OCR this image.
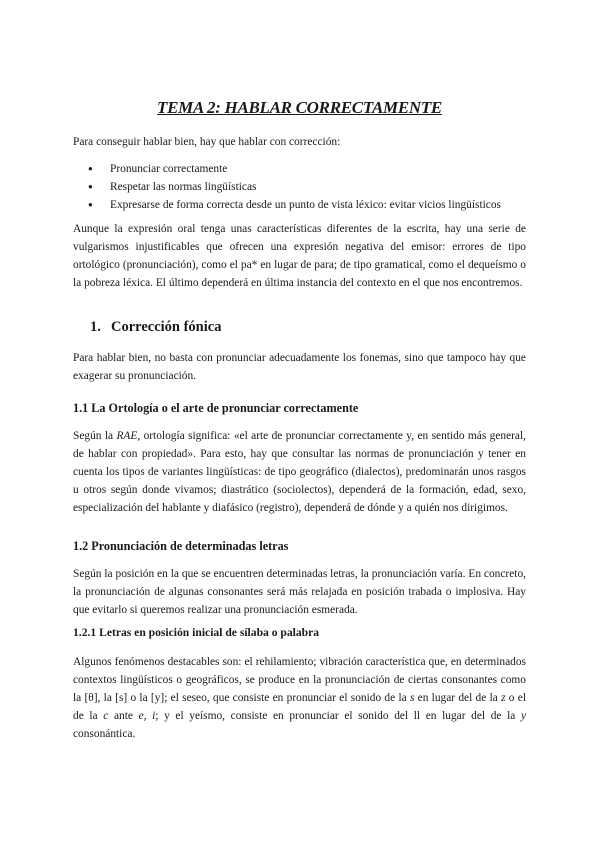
TEMA 2: HABLAR CORRECTAMENTE

Para conseguir hablar bien, hay que hablar con corrección:

● Pronunciar correctamente
● Respetar las normas lingüísticas
● Expresarse de forma correcta desde un punto de vista léxico: evitar vicios lingüísticos

Aunque la expresión oral tenga unas características diferentes de la escrita, hay una serie de vulgarismos injustificables que ofrecen una expresión negativa del emisor: errores de tipo ortológico (pronunciación), como el pa* en lugar de para; de tipo gramatical, como el dequeísmo o la pobreza léxica. El último dependerá en última instancia del contexto en el que nos encontremos.

1. Corrección fónica

Para hablar bien, no basta con pronunciar adecuadamente los fonemas, sino que tampoco hay que exagerar su pronunciación.

1.1 La Ortología o el arte de pronunciar correctamente

Según la RAE, ortología significa: «el arte de pronunciar correctamente y, en sentido más general, de hablar con propiedad». Para esto, hay que consultar las normas de pronunciación y tener en cuenta los tipos de variantes lingüísticas: de tipo geográfico (dialectos), predominarán unos rasgos u otros según donde vivamos; diastrático (sociolectos), dependerá de la formación, edad, sexo, especialización del hablante y diafásico (registro), dependerá de dónde y a quién nos dirigimos.

1.2 Pronunciación de determinadas letras

Según la posición en la que se encuentren determinadas letras, la pronunciación varía. En concreto, la pronunciación de algunas consonantes será más relajada en posición trabada o implosiva. Hay que evitarlo si queremos realizar una pronunciación esmerada.

1.2.1 Letras en posición inicial de sílaba o palabra

Algunos fenómenos destacables son: el rehilamiento; vibración característica que, en determinados contextos lingüísticos o geográficos, se produce en la pronunciación de ciertas consonantes como la [θ], la [s] o la [y]; el seseo, que consiste en pronunciar el sonido de la s en lugar del de la z o el de la c ante e, i; y el yeísmo, consiste en pronunciar el sonido del ll en lugar del de la y consonántica.
